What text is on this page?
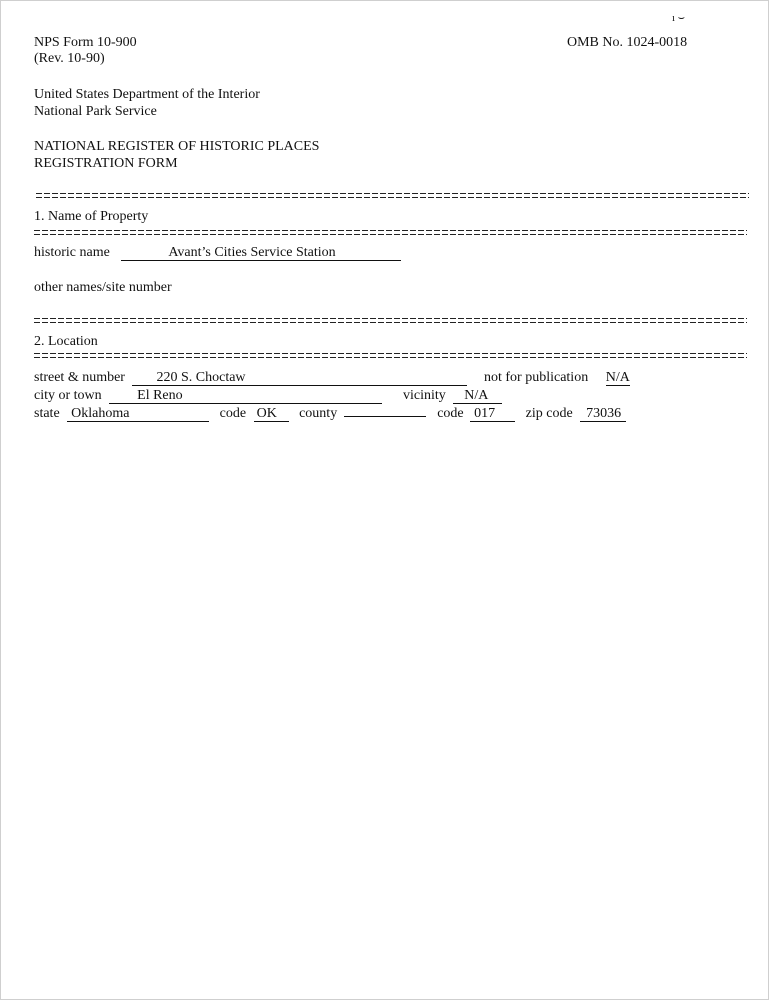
ı ⌣
NPS Form 10-900
(Rev. 10-90)
OMB No. 1024-0018
United States Department of the Interior
National Park Service
NATIONAL REGISTER OF HISTORIC PLACES
REGISTRATION FORM
1. Name of Property
historic name	Avant’s Cities Service Station
other names/site number
2. Location
street & number 220 S. Choctaw	not for publication N/A
city or town	El Reno	vicinity N/A
state Oklahoma	code OK county	code 017 zip code 73036
